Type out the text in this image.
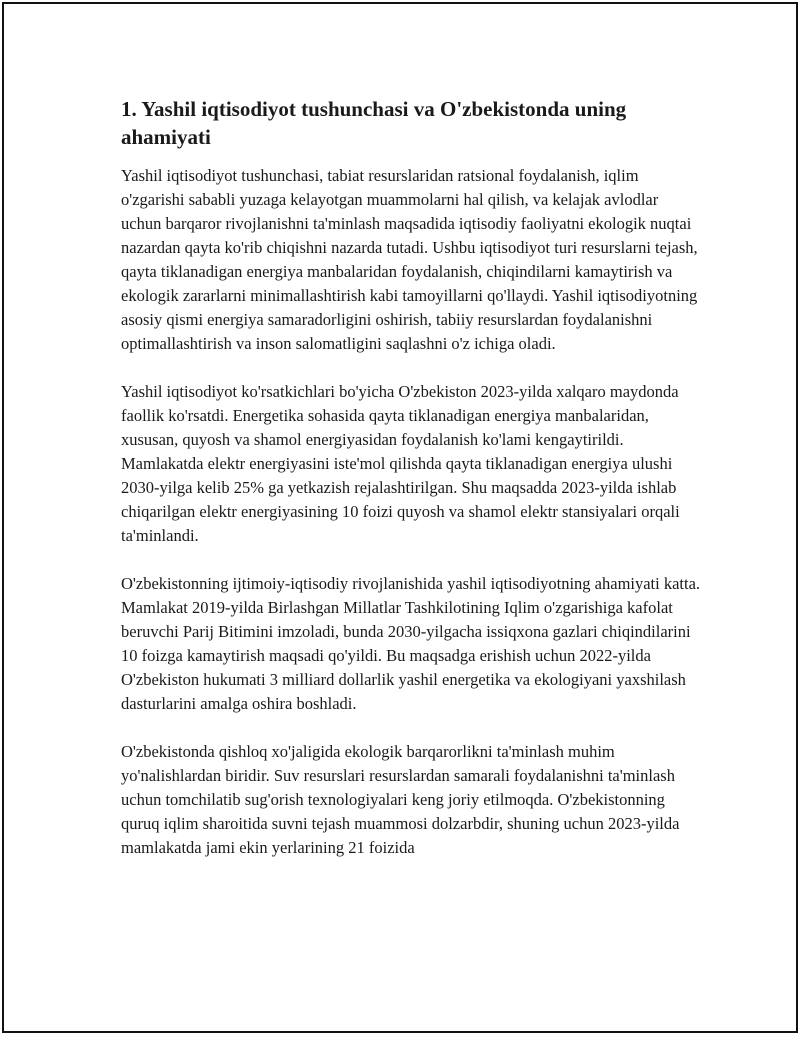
1. Yashil iqtisodiyot tushunchasi va O'zbekistonda uning ahamiyati

Yashil iqtisodiyot tushunchasi, tabiat resurslaridan ratsional foydalanish, iqlim o'zgarishi sababli yuzaga kelayotgan muammolarni hal qilish, va kelajak avlodlar uchun barqaror rivojlanishni ta'minlash maqsadida iqtisodiy faoliyatni ekologik nuqtai nazardan qayta ko'rib chiqishni nazarda tutadi. Ushbu iqtisodiyot turi resurslarni tejash, qayta tiklanadigan energiya manbalaridan foydalanish, chiqindilarni kamaytirish va ekologik zararlarni minimallashtirish kabi tamoyillarni qo'llaydi. Yashil iqtisodiyotning asosiy qismi energiya samaradorligini oshirish, tabiiy resurslardan foydalanishni optimallashtirish va inson salomatligini saqlashni o'z ichiga oladi.

Yashil iqtisodiyot ko'rsatkichlari bo'yicha O'zbekiston 2023-yilda xalqaro maydonda faollik ko'rsatdi. Energetika sohasida qayta tiklanadigan energiya manbalaridan, xususan, quyosh va shamol energiyasidan foydalanish ko'lami kengaytirildi. Mamlakatda elektr energiyasini iste'mol qilishda qayta tiklanadigan energiya ulushi 2030-yilga kelib 25% ga yetkazish rejalashtirilgan. Shu maqsadda 2023-yilda ishlab chiqarilgan elektr energiyasining 10 foizi quyosh va shamol elektr stansiyalari orqali ta'minlandi.

O'zbekistonning ijtimoiy-iqtisodiy rivojlanishida yashil iqtisodiyotning ahamiyati katta. Mamlakat 2019-yilda Birlashgan Millatlar Tashkilotining Iqlim o'zgarishiga kafolat beruvchi Parij Bitimini imzoladi, bunda 2030-yilgacha issiqxona gazlari chiqindilarini 10 foizga kamaytirish maqsadi qo'yildi. Bu maqsadga erishish uchun 2022-yilda O'zbekiston hukumati 3 milliard dollarlik yashil energetika va ekologiyani yaxshilash dasturlarini amalga oshira boshladi.

O'zbekistonda qishloq xo'jaligida ekologik barqarorlikni ta'minlash muhim yo'nalishlardan biridir. Suv resurslari resurslardan samarali foydalanishni ta'minlash uchun tomchilatib sug'orish texnologiyalari keng joriy etilmoqda. O'zbekistonning quruq iqlim sharoitida suvni tejash muammosi dolzarbdir, shuning uchun 2023-yilda mamlakatda jami ekin yerlarining 21 foizida
